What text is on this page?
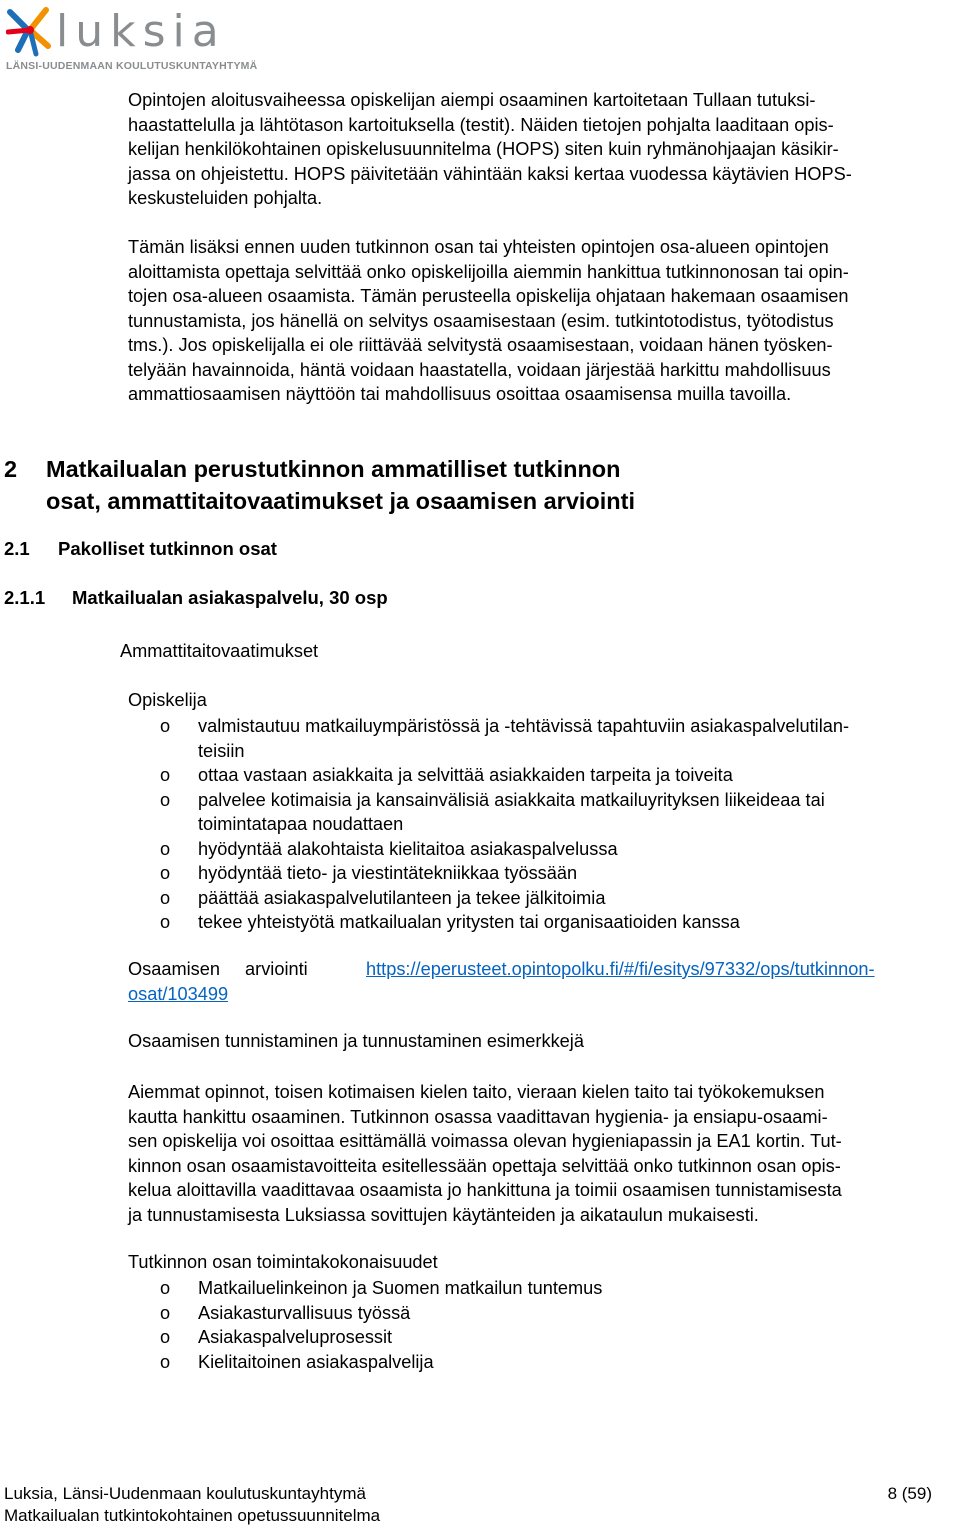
luksia
LÄNSI-UUDENMAAN KOULUTUSKUNTAYHTYMÄ

Opintojen aloitusvaiheessa opiskelijan aiempi osaaminen kartoitetaan Tullaan tutuksi-
haastattelulla ja lähtötason kartoituksella (testit). Näiden tietojen pohjalta laaditaan opis-
kelijan henkilökohtainen opiskelusuunnitelma (HOPS) siten kuin ryhmänohjaajan käsikir-
jassa on ohjeistettu. HOPS päivitetään vähintään kaksi kertaa vuodessa käytävien HOPS-
keskusteluiden pohjalta.

Tämän lisäksi ennen uuden tutkinnon osan tai yhteisten opintojen osa-alueen opintojen
aloittamista opettaja selvittää onko opiskelijoilla aiemmin hankittua tutkinnonosan tai opin-
tojen osa-alueen osaamista. Tämän perusteella opiskelija ohjataan hakemaan osaamisen
tunnustamista, jos hänellä on selvitys osaamisestaan (esim. tutkintotodistus, työtodistus
tms.). Jos opiskelijalla ei ole riittävää selvitystä osaamisestaan, voidaan hänen työsken-
telyään havainnoida, häntä voidaan haastatella, voidaan järjestää harkittu mahdollisuus
ammattiosaamisen näyttöön tai mahdollisuus osoittaa osaamisensa muilla tavoilla.

2 Matkailualan perustutkinnon ammatilliset tutkinnon
osat, ammattitaitovaatimukset ja osaamisen arviointi
2.1 Pakolliset tutkinnon osat
2.1.1 Matkailualan asiakaspalvelu, 30 osp
Ammattitaitovaatimukset
Opiskelija
o valmistautuu matkailuympäristössä ja -tehtävissä tapahtuviin asiakaspalvelutilan-
teisiin
o ottaa vastaan asiakkaita ja selvittää asiakkaiden tarpeita ja toiveita
o palvelee kotimaisia ja kansainvälisiä asiakkaita matkailuyrityksen liikeideaa tai
toimintatapaa noudattaen
o hyödyntää alakohtaista kielitaitoa asiakaspalvelussa
o hyödyntää tieto- ja viestintätekniikkaa työssään
o päättää asiakaspalvelutilanteen ja tekee jälkitoimia
o tekee yhteistyötä matkailualan yritysten tai organisaatioiden kanssa
Osaamisen arviointi	https://eperusteet.opintopolku.fi/#/fi/esitys/97332/ops/tutkinnon-
osat/103499
Osaamisen tunnistaminen ja tunnustaminen esimerkkejä

Aiemmat opinnot, toisen kotimaisen kielen taito, vieraan kielen taito tai työkokemuksen
kautta hankittu osaaminen. Tutkinnon osassa vaadittavan hygienia- ja ensiapu-osaami-
sen opiskelija voi osoittaa esittämällä voimassa olevan hygieniapassin ja EA1 kortin. Tut-
kinnon osan osaamistavoitteita esitellessään opettaja selvittää onko tutkinnon osan opis-
kelua aloittavilla vaadittavaa osaamista jo hankittuna ja toimii osaamisen tunnistamisesta
ja tunnustamisesta Luksiassa sovittujen käytänteiden ja aikataulun mukaisesti.

Tutkinnon osan toimintakokonaisuudet
o Matkailuelinkeinon ja Suomen matkailun tuntemus
o Asiakasturvallisuus työssä
o Asiakaspalveluprosessit
o Kielitaitoinen asiakaspalvelija
Luksia, Länsi-Uudenmaan koulutuskuntayhtymä
Matkailualan tutkintokohtainen opetussuunnitelma
8 (59)
